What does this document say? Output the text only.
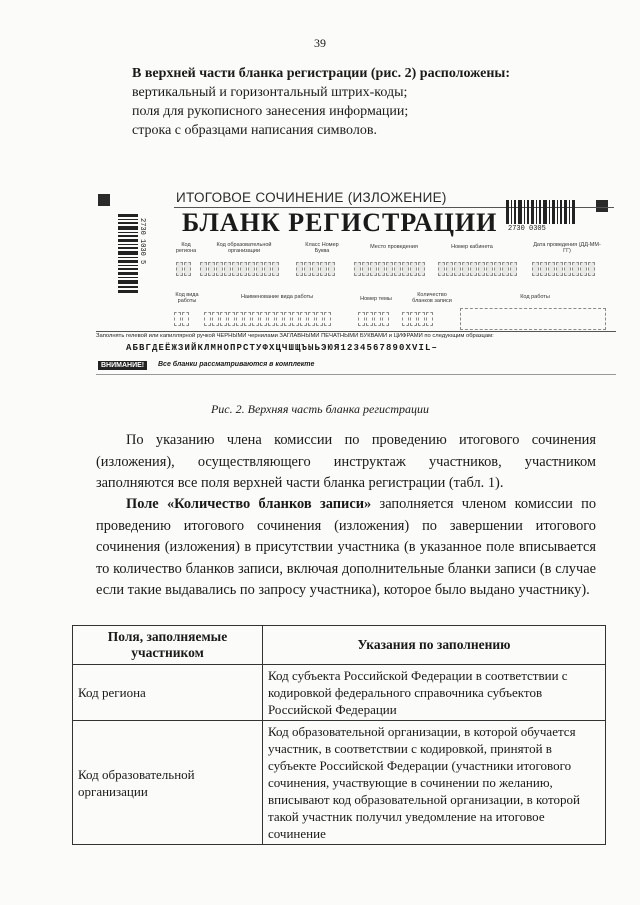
39
В верхней части бланка регистрации (рис. 2) расположены:
вертикальный и горизонтальный штрих-коды;
поля для рукописного занесения информации;
строка с образцами написания символов.
2730 1030 5
ИТОГОВОЕ СОЧИНЕНИЕ (ИЗЛОЖЕНИЕ)
БЛАНК РЕГИСТРАЦИИ 2730 0305
Код региона
Код образовательной организации
Класс Номер Буква
Место проведения	Номер кабинета	Дата проведения (ДД-ММ-ГГ)
Код вида работы
Наименование вида работы	Номер темы
Количество бланков записи
Код работы
Заполнять гелевой или капиллярной ручкой ЧЕРНЫМИ чернилами ЗАГЛАВНЫМИ ПЕЧАТНЫМИ БУКВАМИ и ЦИФРАМИ по следующим образцам:
АБВГДЕЁЖЗИЙКЛМНОПРСТУФХЦЧШЩЪЫЬЭЮЯ1234567890XVIL–
ВНИМАНИЕ!	Все бланки рассматриваются в комплекте
Рис. 2. Верхняя часть бланка регистрации
По указанию члена комиссии по проведению итогового сочинения (изложения), осуществляющего инструктаж участников, участником заполняются все поля верхней части бланка регистрации (табл. 1).
Поле «Количество бланков записи» заполняется членом комиссии по проведению итогового сочинения (изложения) по завершении итогового сочинения (изложения) в присутствии участника (в указанное поле вписывается то количество бланков записи, включая дополнительные бланки записи (в случае если такие выдавались по запросу участника), которое было выдано участнику).
Поля, заполняемые участником	Указания по заполнению
Код региона	Код субъекта Российской Федерации в соответствии с кодировкой федерального справочника субъектов Российской Федерации
Код образовательной организации	Код образовательной организации, в которой обучается участник, в соответствии с кодировкой, принятой в субъекте Российской Федерации (участники итогового сочинения, участвующие в сочинении по желанию, вписывают код образовательной организации, в которой такой участник получил уведомление на итоговое сочинение
